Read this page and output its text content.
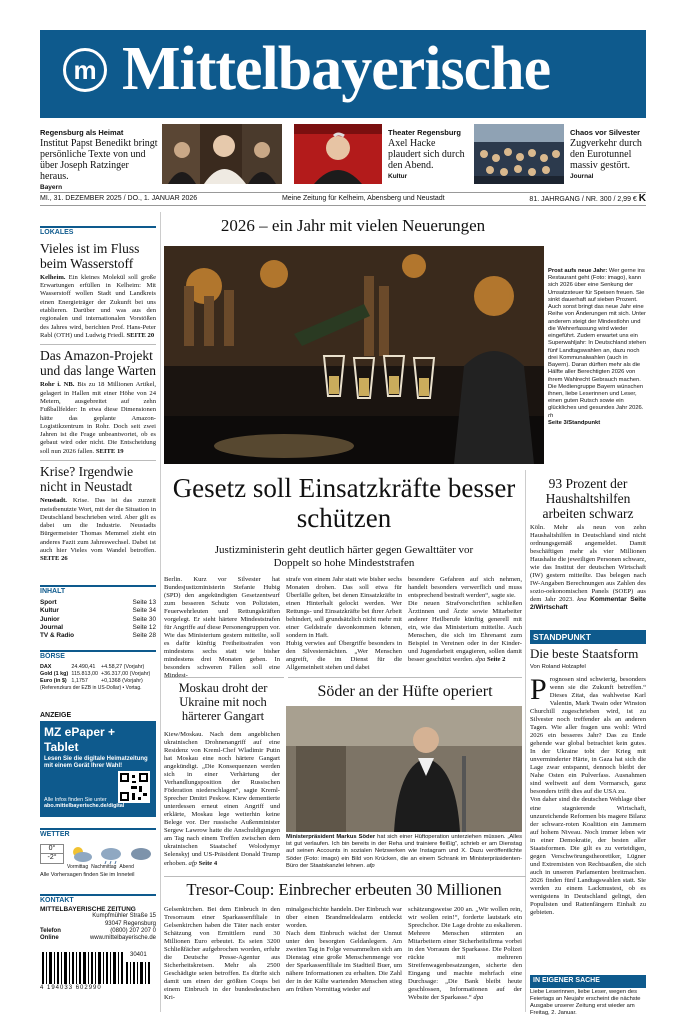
m Mittelbayerische
Regensburg als Heimat
Institut Papst Benedikt bringt persönliche Texte von und über Joseph Ratzinger heraus.
Bayern
Theater Regensburg
Axel Hacke plaudert sich durch den Abend.
Kultur
Chaos vor Silvester
Zugverkehr durch den Eurotunnel massiv gestört.
Journal
MI., 31. DEZEMBER 2025 / DO., 1. JANUAR 2026	Meine Zeitung für Kelheim, Abensberg und Neustadt	81. JAHRGANG / NR. 300 / 2,99 € K
LOKALES
Vieles ist im Fluss beim Wasserstoff
Kelheim. Ein kleines Molekül soll große Erwartungen erfüllen in Kelheim: Mit Wasserstoff wollen Stadt und Landkreis einen Energieträger der Zukunft bei uns etablieren. Darüber und was aus den regionalen und internationalen Vorstößen des Jahres wird, berichten Prof. Hans-Peter Rabl (OTH) und Ludwig Friedl. SEITE 20
Das Amazon-Projekt und das lange Warten
Rohr i. NB. Bis zu 18 Millionen Artikel, gelagert in Hallen mit einer Höhe von 24 Metern, ausgebreitet auf zehn Fußballfelder: In etwa diese Dimensionen hätte das geplante Amazon-Logistikzentrum in Rohr. Doch seit zwei Jahren ist die Frage unbeantwortet, ob es gebaut wird oder nicht. Die Entscheidung soll nun 2026 fallen. SEITE 19
Krise? Irgendwie nicht in Neustadt
Neustadt. Krise. Das ist das zurzeit meistbenutzte Wort, mit der die Situation in Deutschland beschrieben wird. Aber gilt es dabei um die Industrie. Neustadts Bürgermeister Thomas Memmel zieht ein anderes Fazit zum Jahreswechsel. Dabei ist auch hier Vieles vom Wandel betroffen. SEITE 26
INHALT
Sport	Seite 13
Kultur	Seite 34
Junior	Seite 30
Journal	Seite 12
TV & Radio	Seite 28
BÖRSE
DAX	24.490,41	+4.58,27 (Vorjahr)
Gold (1 kg)	115.813,00	+36.317,00 (Vorjahr)
Euro (in $)	1,1757	+0,1368 (Vorjahr)
(Referenzkurs der EZB in US-Dollar) • Vortag.
ANZEIGE
MZ ePaper + Tablet
Lesen Sie die digitale Heimatzeitung mit einem Gerät Ihrer Wahl!
Alle Infos finden Sie unter
abo.mittelbayerische.de/digital
WETTER
0°
-2°
Vormittag Nachmittag Abend
Alle Vorhersagen finden Sie im Inneteil
KONTAKT
MITTELBAYERISCHE ZEITUNG
Kumpfmühler Straße 15
93047 Regensburg
Telefon	(0800) 207 207 0
Online	www.mittelbayerische.de
30401
4 194033 602990
2026 – ein Jahr mit vielen Neuerungen
Prost aufs neue Jahr: Wer gerne ins Restaurant geht (Foto: imago), kann sich 2026 über eine Senkung der Umsatzsteuer für Speisen freuen. Sie sinkt dauerhaft auf sieben Prozent. Auch sonst bringt das neue Jahr eine Reihe von Änderungen mit sich. Unter anderem steigt der Mindestlohn und die Wehrerfassung wird wieder eingeführt. Zudem erwartet uns ein Superwahljahr: In Deutschland stehen fünf Landtagswahlen an, dazu noch drei Kommunalwahlen (auch in Bayern). Daran dürften mehr als die Hälfte aller Berechtigten 2026 von ihrem Wahlrecht Gebrauch machen. Die Mediengruppe Bayern wünschen ihnen, liebe Leserinnen und Leser, einen guten Rutsch sowie ein glückliches und gesundes Jahr 2026. rh
Seite 3/Standpunkt
Gesetz soll Einsatzkräfte besser schützen
Justizministerin geht deutlich härter gegen Gewalttäter vor Doppelt so hohe Mindeststrafen
Berlin. Kurz vor Silvester hat Bundesjustizministerin Stefanie Hubig (SPD) den angekündigten Gesetzentwurf zum besseren Schutz von Polizisten, Feuerwehrleuten und Rettungskräften vorgelegt. Er sieht härtere Mindeststrafen für Angriffe auf diese Personengruppen vor. Wie das Ministerium gestern mitteilte, soll es dafür künftig Freiheitsstrafen von mindestens sechs statt wie bisher mindestens drei Monaten geben. In besonders schweren Fällen soll eine Mindest-
strafe von einem Jahr statt wie bisher sechs Monaten drohen. Das soll etwa für Überfälle gelten, bei denen Einsatzkräfte in einen Hinterhalt gelockt werden. Wer Rettungs- und Einsatzkräfte bei ihrer Arbeit behindert, soll grundsätzlich nicht mehr mit einer Geldstrafe davonkommen können, sondern in Haft.
Hubig verwies auf Übergriffe besonders in den Silvesternächten. „Wer Menschen angreift, die im Dienst für die Allgemeinheit stehen und dabei
besondere Gefahren auf sich nehmen, handelt besonders verwerflich und muss entsprechend bestraft werden“, sagte sie.
Die neuen Strafvorschriften schließen Ärztinnen und Ärzte sowie Mitarbeiter anderer Heilberufe künftig generell mit ein, wie das Ministerium mitteilte. Auch Menschen, die sich im Ehrenamt zum Beispiel in Vereinen oder in der Kinder- und Jugendarbeit engagieren, sollen damit besser geschützt werden. dpa Seite 2
93 Prozent der Haushaltshilfen arbeiten schwarz
Köln. Mehr als neun von zehn Haushaltshilfen in Deutschland sind nicht ordnungsgemäß angemeldet. Damit beschäftigen mehr als vier Millionen Haushalte die jeweiligen Personen schwarz, wie das Institut der deutschen Wirtschaft (IW) gestern mitteilte. Das belegen nach IW-Angaben Berechnungen aus Zahlen des sozio-oekonomischen Panels (SOEP) aus dem Jahr 2023. kna Kommentar Seite 2/Wirtschaft
Moskau droht der Ukraine mit noch härterer Gangart
Kiew/Moskau. Nach dem angeblichen ukrainischen Drohnenangriff auf eine Residenz von Kreml-Chef Wladimir Putin hat Moskau eine noch härtere Gangart angekündigt. „Die Konsequenzen werden sich in einer Verhärtung der Verhandlungsposition der Russischen Föderation niederschlagen“, sagte Kreml-Sprecher Dmitri Peskow. Kiew dementierte unterdessen erneut einen Angriff und erklärte, Moskau lege weiterhin keine Belege vor. Der russische Außenminister Sergew Lawrow hatte die Anschuldigungen am Tag nach einem Treffen zwischen dem ukrainischen Staatschef Wolodymyr Selenskyj und US-Präsident Donald Trump erhoben. afp Seite 4
Söder an der Hüfte operiert
Ministerpräsident Markus Söder hat sich einer Hüftoperation unterziehen müssen. „Alles ist gut verlaufen. Ich bin bereits in der Reha und trainiere fleißig“, schrieb er am Dienstag auf seinen Accounts in sozialen Netzwerken wie Instagram und X. Dazu veröffentlichte Söder (Foto: imago) ein Bild von Krücken, die an einem Schrank im Ministerpräsidenten-Büro der Staatskanzlei lehnen. afp
Tresor-Coup: Einbrecher erbeuten 30 Millionen
Gelsenkirchen. Bei dem Einbruch in den Tresorraum einer Sparkassenfiliale in Gelsenkirchen haben die Täter nach erster Schätzung von Ermittlern rund 30 Millionen Euro erbeutet. Es seien 3200 Schließfächer aufgebrochen worden, erfuhr die Deutsche Presse-Agentur aus Sicherheitskreisen. Mehr als 2500 Geschädigte seien betroffen. Es dürfte sich damit um einen der größten Coups bei einem Einbruch in der bundesdeutschen Kri-
minalgeschichte handeln. Der Einbruch war über einen Brandmeldealarm entdeckt worden.
Nach dem Einbruch wächst der Unmut unter den besorgten Geldanlegern. Am zweiten Tag in Folge versammelten sich am Dienstag eine große Menschenmenge vor der Sparkassenfiliale im Stadtteil Buer, um nähere Informationen zu erhalten. Die Zahl der in der Kälte wartenden Menschen stieg am frühen Vormittag wieder auf
schätzungsweise 200 an. „Wir wollen rein, wir wollen rein!“, forderte lautstark ein Sprechchor. Die Lage drohte zu eskalieren. Mehrere Menschen stürmten an Mitarbeitern einer Sicherheitsfirma vorbei in den Vorraum der Sparkasse. Die Polizei rückte mit mehreren Streifenwagenbesatzungen, sicherte den Eingang und machte mehrfach eine Durchsage: „Die Bank bleibt heute geschlossen, Informationen auf der Website der Sparkasse.“ dpa
STANDPUNKT
Die beste Staatsform
Von Roland Holzapfel
Prognosen sind schwierig, besonders wenn sie die Zukunft betreffen.“ Dieses Zitat, das wahlweise Karl Valentin, Mark Twain oder Winston Churchill zugeschrieben wird, ist zu Silvester noch treffender als an anderen Tagen. Wie aller fragen uns wohl: Wird 2026 ein besseres Jahr? Das zu Ende gehende war global betrachtet kein gutes. In der Ukraine tobt der Krieg mit unverminderter Härte, in Gaza hat sich die Lage zwar entspannt, dennoch bleibt der Nahe Osten ein Pulverfass. Ausnahmen sind weltweit auf dem Vormarsch, ganz besonders trifft dies auf die USA zu.
Von daher sind die deutschen Wehlage über eine stagnierende Wirtschaft, unzureichende Reformen bis magere Bilanz der schwarz-roten Koalition ein Jammern auf hohem Niveau. Noch immer leben wir in einer Demokratie, der besten aller Staatsformen. Die gilt es zu verteidigen, gegen Verschwörungstheoretiker, Lügner und Extremisten von Rechtsaußen, die sich auch in unseren Parlamenten breitmachen. 2026 finden fünf Landtagswahlen statt. Sie werden zu einem Lackmustest, ob es wenigstens in Deutschland gelingt, den Populisten und Rattenfängern Einhalt zu gebieten.
IN EIGENER SACHE
Liebe Leserinnen, liebe Leser, wegen des Feiertags an Neujahr erscheint die nächste Ausgabe unserer Zeitung erst wieder am Freitag, 2. Januar.
